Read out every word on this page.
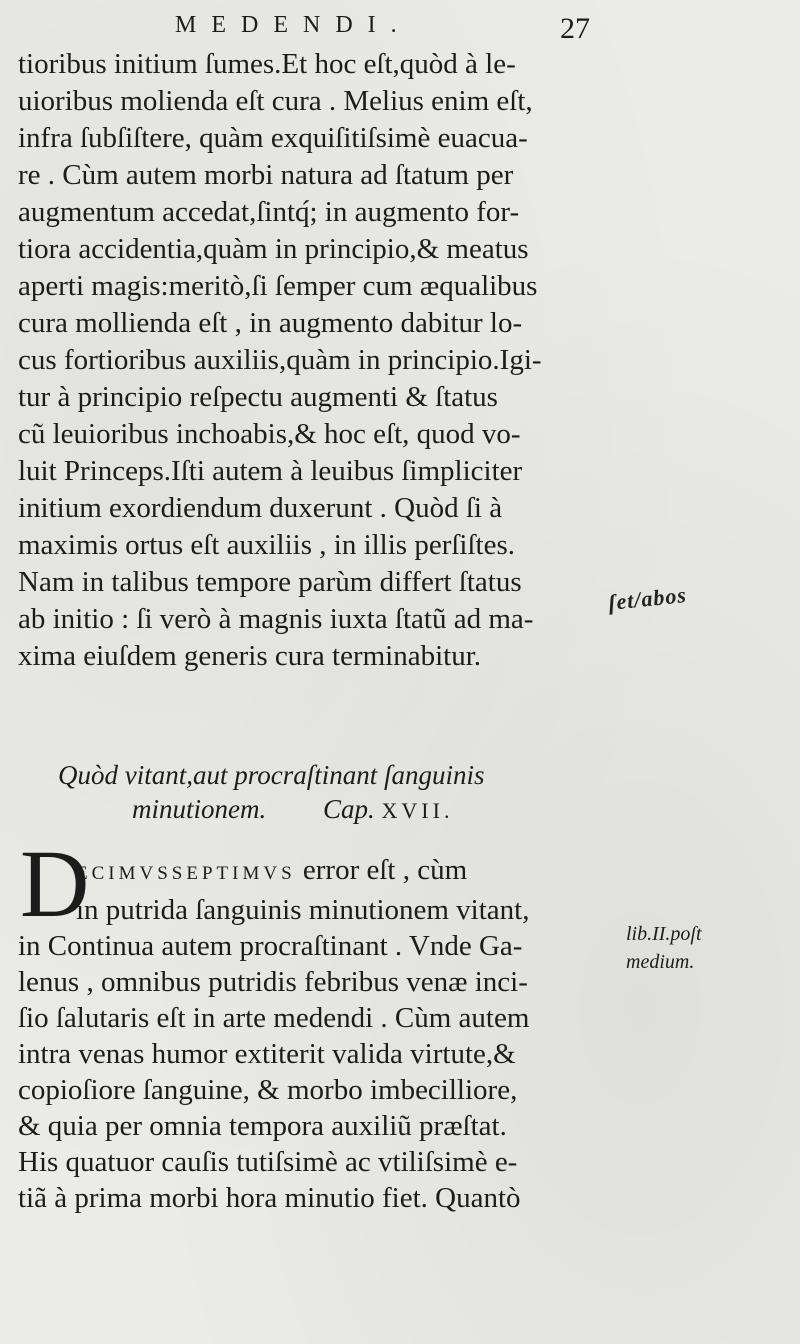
MEDENDI.	27
tioribus initium ſumes.Et hoc eſt,quòd à le-
uioribus molienda eſt cura . Melius enim eſt,
infra ſubſiſtere, quàm exquiſitiſsimè euacua-
re . Cùm autem morbi natura ad ſtatum per
augmentum accedat,ſintq́; in augmento for-
tiora accidentia,quàm in principio,& meatus
aperti magis:meritò,ſi ſemper cum æqualibus
cura mollienda eſt , in augmento dabitur lo-
cus fortioribus auxiliis,quàm in principio.Igi-
tur à principio reſpectu augmenti & ſtatus
cũ leuioribus inchoabis,& hoc eſt, quod vo-
luit Princeps.Iſti autem à leuibus ſimpliciter
initium exordiendum duxerunt . Quòd ſi à
maximis ortus eſt auxiliis , in illis perſiſtes.
Nam in talibus tempore parùm differt ſtatus
ab initio : ſi verò à magnis iuxta ſtatũ ad ma-
xima eiuſdem generis cura terminabitur.
ſet/abos
Quòd vitant,aut procraſtinant ſanguinis
minutionem. Cap. XVII.
D
ECIMVSSEPTIMVS error eſt , cùm
in putrida ſanguinis minutionem vitant,
in Continua autem procraſtinant . Vnde Ga-
lenus , omnibus putridis febribus venæ inci-
ſio ſalutaris eſt in arte medendi . Cùm autem
intra venas humor extiterit valida virtute,&
copioſiore ſanguine, & morbo imbecilliore,
& quia per omnia tempora auxiliũ præſtat.
His quatuor cauſis tutiſsimè ac vtiliſsimè e-
tiã à prima morbi hora minutio fiet. Quantò
lib.II.poſt
medium.
